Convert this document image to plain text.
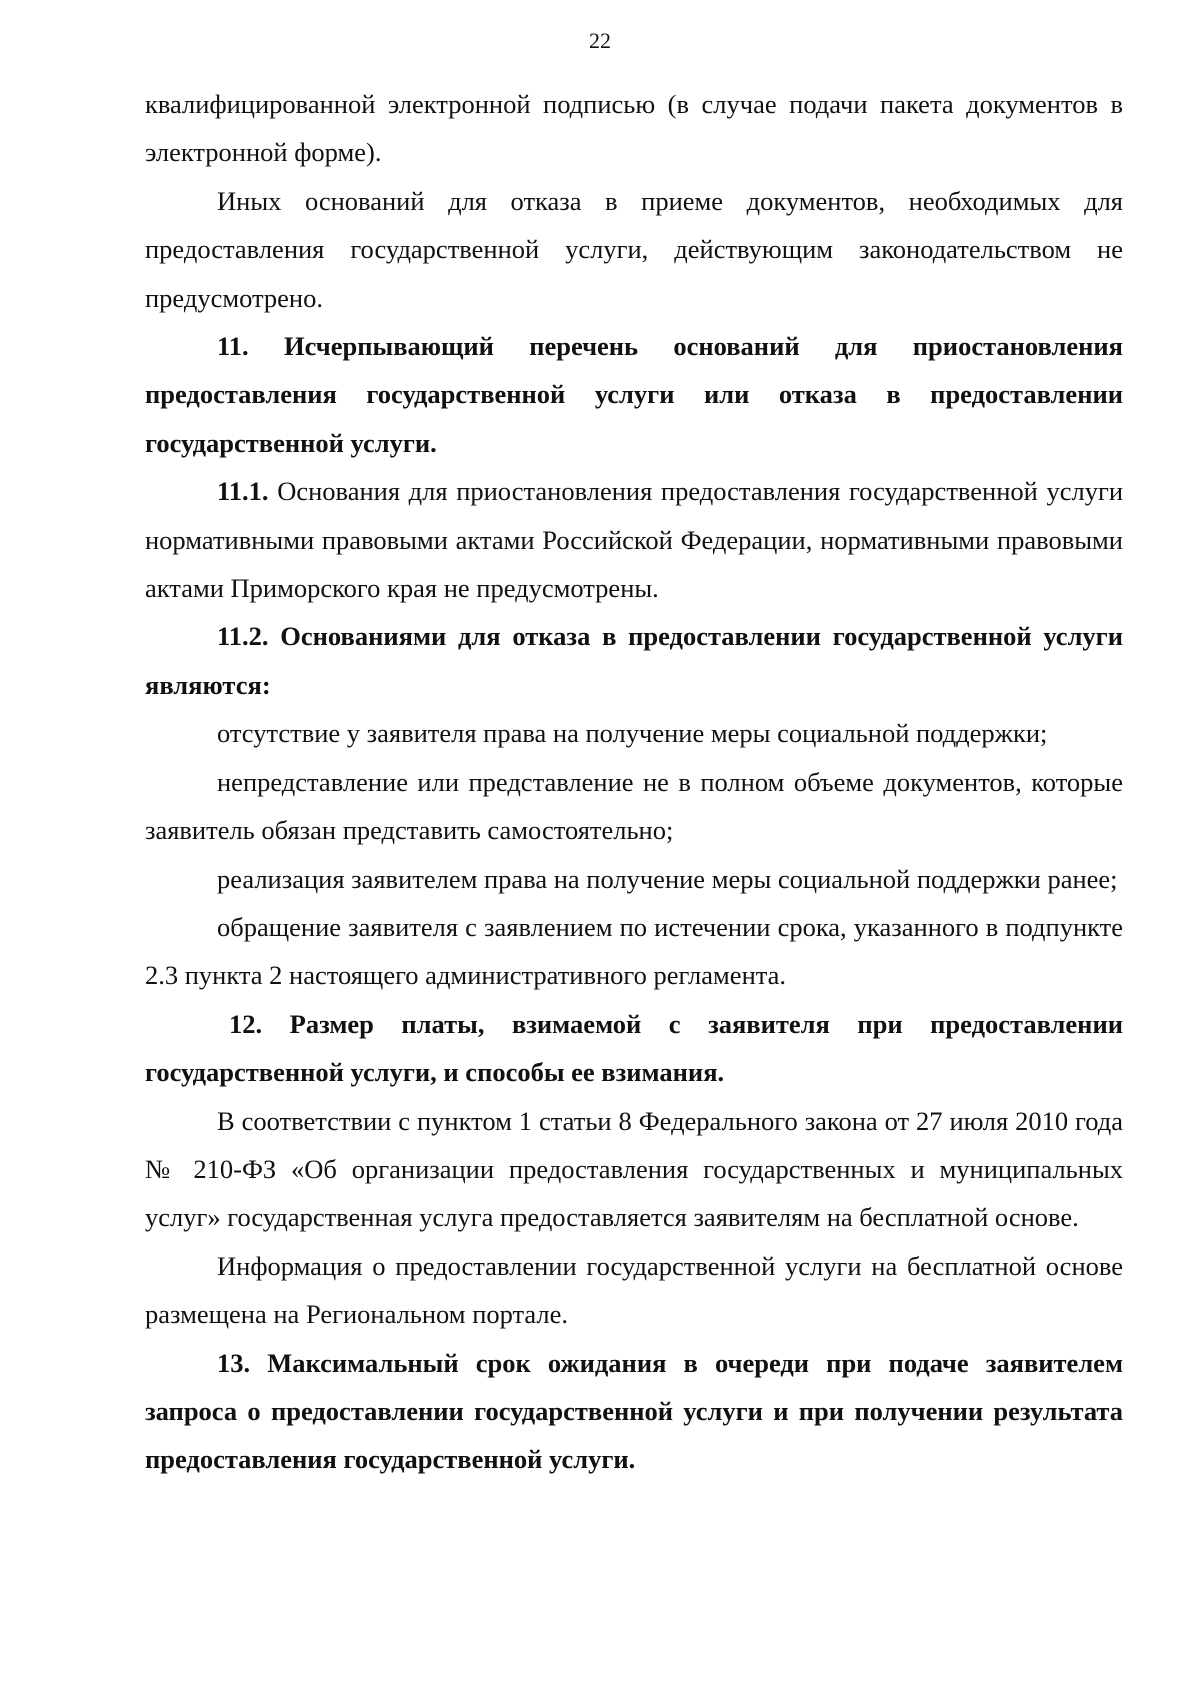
22

квалифицированной электронной подписью (в случае подачи пакета документов в электронной форме).

Иных оснований для отказа в приеме документов, необходимых для предоставления государственной услуги, действующим законодательством не предусмотрено.

11. Исчерпывающий перечень оснований для приостановления предоставления государственной услуги или отказа в предоставлении государственной услуги.

11.1. Основания для приостановления предоставления государственной услуги нормативными правовыми актами Российской Федерации, нормативными правовыми актами Приморского края не предусмотрены.

11.2. Основаниями для отказа в предоставлении государственной услуги являются:

отсутствие у заявителя права на получение меры социальной поддержки;

непредставление или представление не в полном объеме документов, которые заявитель обязан представить самостоятельно;

реализация заявителем права на получение меры социальной поддержки ранее;

обращение заявителя с заявлением по истечении срока, указанного в подпункте 2.3 пункта 2 настоящего административного регламента.

12. Размер платы, взимаемой с заявителя при предоставлении государственной услуги, и способы ее взимания.

В соответствии с пунктом 1 статьи 8 Федерального закона от 27 июля 2010 года № 210-ФЗ «Об организации предоставления государственных и муниципальных услуг» государственная услуга предоставляется заявителям на бесплатной основе.

Информация о предоставлении государственной услуги на бесплатной основе размещена на Региональном портале.

13. Максимальный срок ожидания в очереди при подаче заявителем запроса о предоставлении государственной услуги и при получении результата предоставления государственной услуги.
